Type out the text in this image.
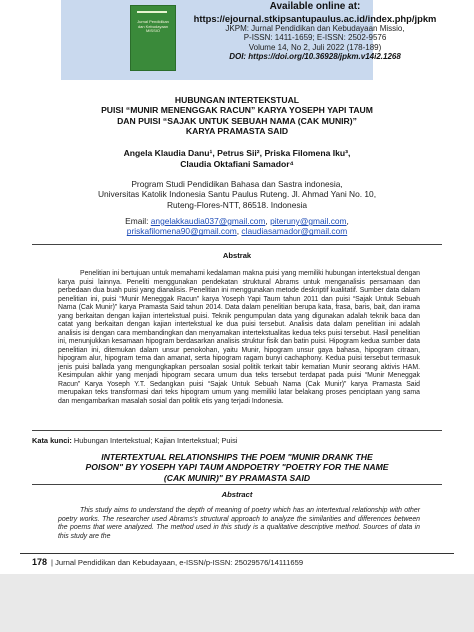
Jurnal Pendidikan dan Kebudayaan MISSIO
Available online at:
https://ejournal.stkipsantupaulus.ac.id/index.php/jpkm
JKPM: Jurnal Pendidikan dan Kebudayaan Missio,
P-ISSN: 1411-1659; E-ISSN: 2502-9576
Volume 14, No 2, Juli 2022 (178-189)
DOI: https://doi.org/10.36928/jpkm.v14i2.1268
HUBUNGAN INTERTEKSTUAL
PUISI “MUNIR MENENGGAK RACUN” KARYA YOSEPH YAPI TAUM
DAN PUISI “SAJAK UNTUK SEBUAH NAMA (CAK MUNIR)”
KARYA PRAMASTA SAID
Angela Klaudia Danu¹, Petrus Sii², Priska Filomena Iku³,
Claudia Oktafiani Samador⁴
Program Studi Pendidikan Bahasa dan Sastra indonesia,
Universitas Katolik Indonesia Santu Paulus Ruteng. Jl. Ahmad Yani No. 10,
Ruteng-Flores-NTT, 86518. Indonesia
Email: angelakkaudia037@gmail.com, piteruny@gmail.com,
priskafilomena90@gmail.com, claudiasamador@gmail.com
Abstrak
Penelitian ini bertujuan untuk memahami kedalaman makna puisi yang memiliki hubungan intertekstual dengan karya puisi lainnya. Peneliti menggunakan pendekatan struktural Abrams untuk menganalisis persamaan dan perbedaan dua buah puisi yang dianalisis. Penelitian ini menggunakan metode deskriptif kualitatif. Sumber data dalam penelitian ini, puisi “Munir Meneggak Racun” karya Yoseph Yapi Taum tahun 2011 dan puisi “Sajak Untuk Sebuah Nama (Cak Munir)” karya Pramasta Said tahun 2014. Data dalam penelitian berupa kata, frasa, baris, bait, dan irama yang berkaitan dengan kajian intertekstual puisi. Teknik pengumpulan data yang digunakan adalah teknik baca dan catat yang berkaitan dengan kajian intertekstual ke dua puisi tersebut. Analisis data dalam penelitian ini adalah analisis isi dengan cara membandingkan dan menyamakan intertekstualitas kedua teks puisi tersebut. Hasil penelitian ini, menunjukkan kesamaan hipogram berdasarkan analisis struktur fisik dan batin puisi. Hipogram kedua sumber data penelitian ini, ditemukan dalam unsur penokohan, yaitu Munir, hipogram unsur gaya bahasa, hipogram citraan, hipogram alur, hipogram tema dan amanat, serta hipogram ragam bunyi cachaphony. Kedua puisi tersebut termasuk jenis puisi ballada yang mengungkapkan persoalan sosial politik terkait tabir kematian Munir seorang aktivis HAM. Kesimpulan akhir yang menjadi hipogram secara umum dua teks tersebut terdapat pada puisi “Munir Meneggak Racun” Karya Yoseph Y.T. Sedangkan puisi “Sajak Untuk Sebuah Nama (Cak Munir)” karya Pramasta Said merupakan teks transformasi dari teks hipogram umum yang memiliki latar belakang proses penciptaan yang sama dan mengambarkan masalah sosial dan politik etis yang terjadi Indonesia.
Kata kunci: Hubungan Intertekstual; Kajian Intertekstual; Puisi
INTERTEXTUAL RELATIONSHIPS THE POEM "MUNIR DRANK THE
POISON" BY YOSEPH YAPI TAUM ANDPOETRY "POETRY FOR THE NAME
(CAK MUNIR)" BY PRAMASTA SAID
Abstract
This study aims to understand the depth of meaning of poetry which has an intertextual relationship with other poetry works. The researcher used Abrams's structural approach to analyze the similarities and differences between the poems that were analyzed. The method used in this study is a qualitative descriptive method. Sources of data in this study are the
178 | Jurnal Pendidikan dan Kebudayaan, e-ISSN/p-ISSN: 25029576/14111659
